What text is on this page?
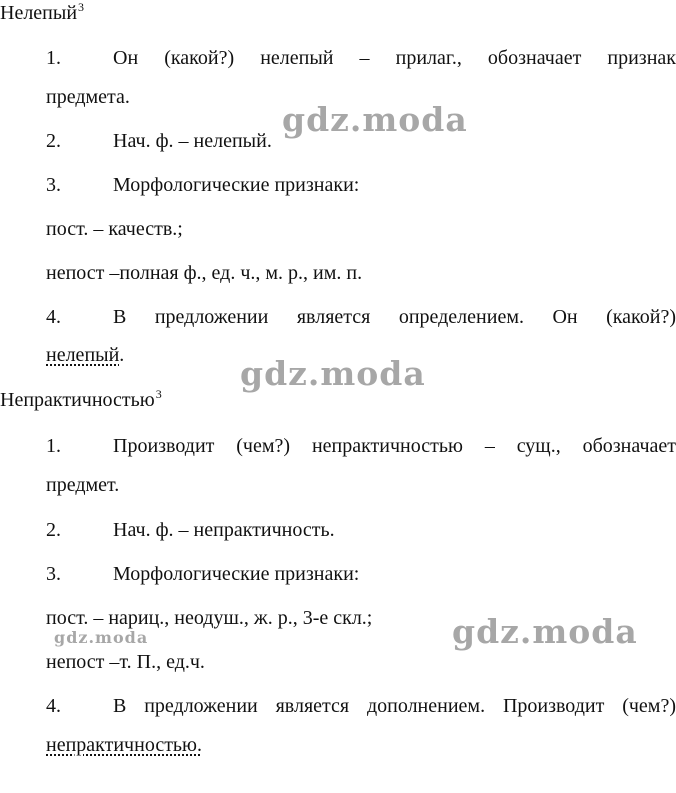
Нелепый$^3$
1.	Он (какой?) нелепый – прилаг., обозначает признак
предмета.
2.	Нач. ф. – нелепый.
3.	Морфологические признаки:
пост. – качеств.;
непост –полная ф., ед. ч., м. р., им. п.
4.	В предложении является определением. Он (какой?)
нелепый.
Непрактичностью$^3$
1.	Производит (чем?) непрактичностью – сущ., обозначает
предмет.
2.	Нач. ф. – непрактичность.
3.	Морфологические признаки:
пост. – нариц., неодуш., ж. р., 3-е скл.;
непост –т. П., ед.ч.
4.	В предложении является дополнением. Производит (чем?)
непрактичностью.
gdz.moda
gdz.moda
gdz.moda
gdz.moda
